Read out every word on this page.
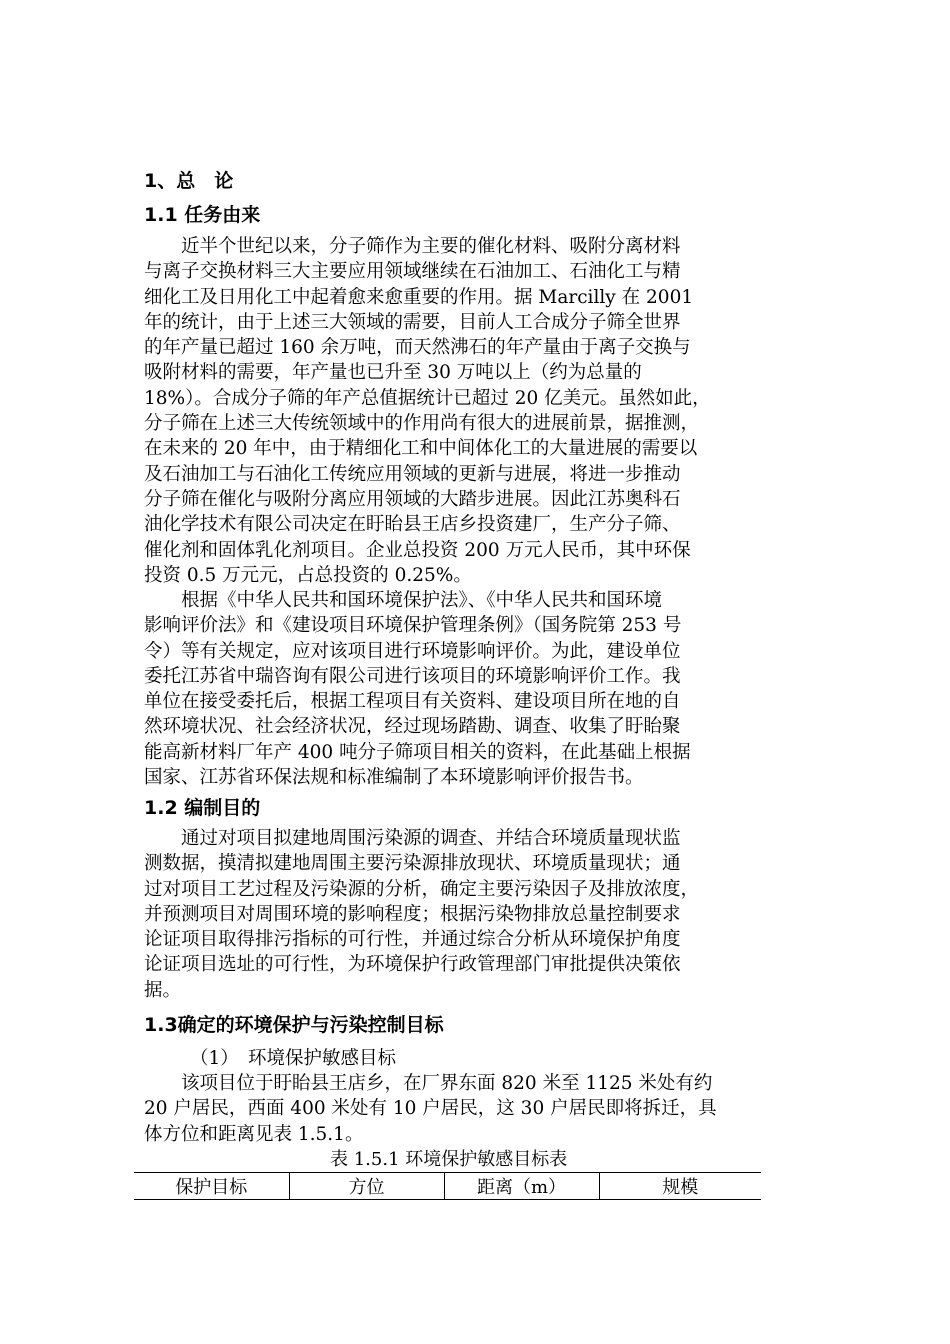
1、总　论
1.1 任务由来
　　近半个世纪以来，分子筛作为主要的催化材料、吸附分离材料
与离子交换材料三大主要应用领域继续在石油加工、石油化工与精
细化工及日用化工中起着愈来愈重要的作用。据 Marcilly 在 2001
年的统计，由于上述三大领域的需要，目前人工合成分子筛全世界
的年产量已超过 160 余万吨，而天然沸石的年产量由于离子交换与
吸附材料的需要，年产量也已升至 30 万吨以上（约为总量的
18%）。合成分子筛的年产总值据统计已超过 20 亿美元。虽然如此，
分子筛在上述三大传统领域中的作用尚有很大的进展前景，据推测，
在未来的 20 年中，由于精细化工和中间体化工的大量进展的需要以
及石油加工与石油化工传统应用领域的更新与进展，将进一步推动
分子筛在催化与吸附分离应用领域的大踏步进展。因此江苏奥科石
油化学技术有限公司决定在盱眙县王店乡投资建厂，生产分子筛、
催化剂和固体乳化剂项目。企业总投资 200 万元人民币，其中环保
投资 0.5 万元元，占总投资的 0.25%。
　　根据《中华人民共和国环境保护法》、《中华人民共和国环境
影响评价法》和《建设项目环境保护管理条例》（国务院第 253 号
令）等有关规定，应对该项目进行环境影响评价。为此，建设单位
委托江苏省中瑞咨询有限公司进行该项目的环境影响评价工作。我
单位在接受委托后，根据工程项目有关资料、建设项目所在地的自
然环境状况、社会经济状况，经过现场踏勘、调查、收集了盱眙聚
能高新材料厂年产 400 吨分子筛项目相关的资料，在此基础上根据
国家、江苏省环保法规和标准编制了本环境影响评价报告书。
1.2 编制目的
　　通过对项目拟建地周围污染源的调查、并结合环境质量现状监
测数据，摸清拟建地周围主要污染源排放现状、环境质量现状；通
过对项目工艺过程及污染源的分析，确定主要污染因子及排放浓度，
并预测项目对周围环境的影响程度；根据污染物排放总量控制要求
论证项目取得排污指标的可行性，并通过综合分析从环境保护角度
论证项目选址的可行性，为环境保护行政管理部门审批提供决策依
据。
1.3确定的环境保护与污染控制目标
（1）　环境保护敏感目标
　　该项目位于盱眙县王店乡，在厂界东面 820 米至 1125 米处有约
20 户居民，西面 400 米处有 10 户居民，这 30 户居民即将拆迁，具
体方位和距离见表 1.5.1。
表 1.5.1 环境保护敏感目标表
保护目标	方位	距离（m）	规模
